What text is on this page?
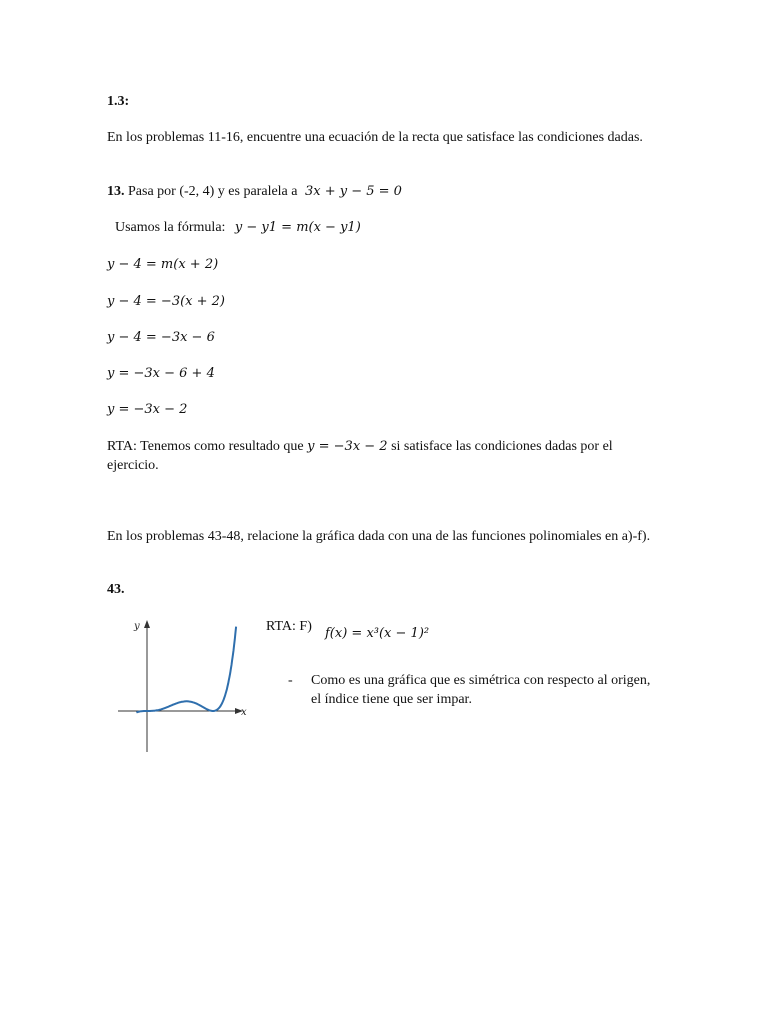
1.3:
En los problemas 11-16, encuentre una ecuación de la recta que satisface las condiciones dadas.
13. Pasa por (-2, 4) y es paralela a 3x + y − 5 = 0
Usamos la fórmula: y − y1 = m(x − y1)
y − 4 = m(x + 2)
y − 4 = −3(x + 2)
y − 4 = −3x − 6
y = −3x − 6 + 4
y = −3x − 2
RTA: Tenemos como resultado que y = −3x − 2 si satisface las condiciones dadas por el
ejercicio.
En los problemas 43-48, relacione la gráfica dada con una de las funciones polinomiales en a)-f).
43.
y
x
RTA: F) f(x) = x³(x − 1)²
- Como es una gráfica que es simétrica con respecto al origen, el índice tiene que ser impar.
